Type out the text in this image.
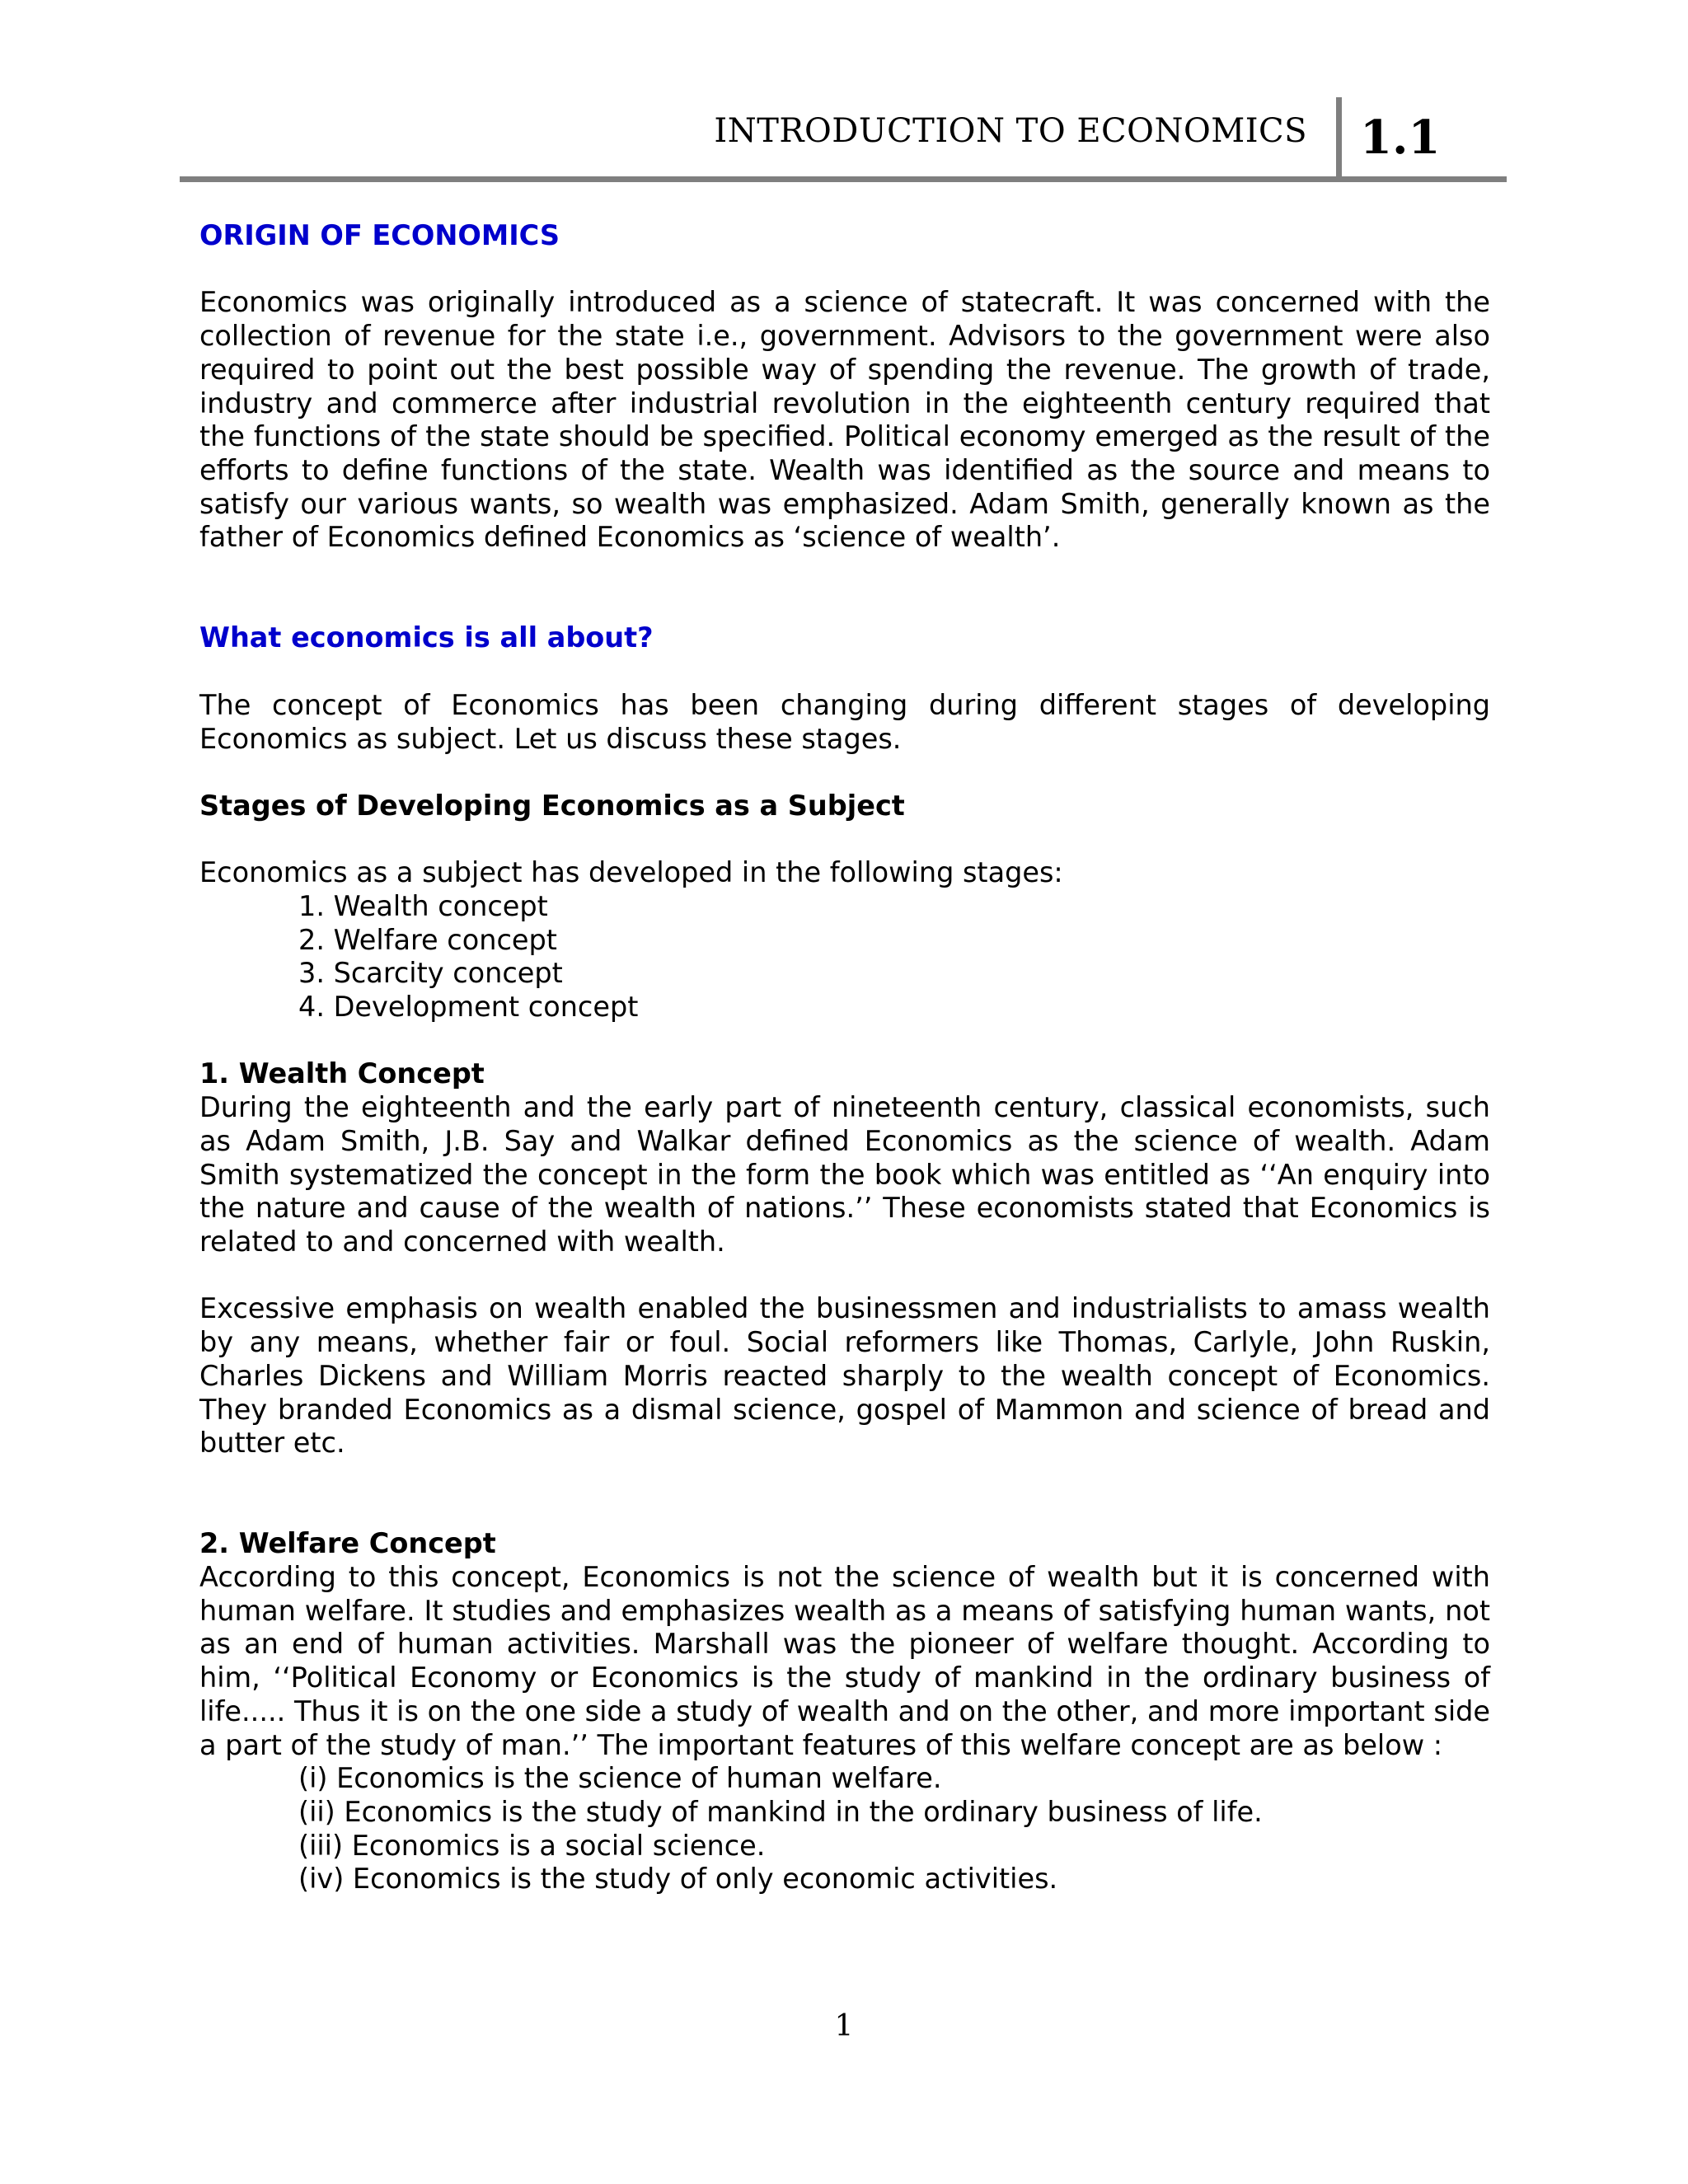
INTRODUCTION TO ECONOMICS 1.1
ORIGIN OF ECONOMICS

Economics was originally introduced as a science of statecraft. It was concerned with the collection of revenue for the state i.e., government. Advisors to the government were also required to point out the best possible way of spending the revenue. The growth of trade, industry and commerce after industrial revolution in the eighteenth century required that the functions of the state should be specified. Political economy emerged as the result of the efforts to define functions of the state. Wealth was identified as the source and means to satisfy our various wants, so wealth was emphasized. Adam Smith, generally known as the father of Economics defined Economics as ‘science of wealth’.

What economics is all about?

The concept of Economics has been changing during different stages of developing Economics as subject. Let us discuss these stages.

Stages of Developing Economics as a Subject

Economics as a subject has developed in the following stages:

1. Wealth concept
2. Welfare concept
3. Scarcity concept
4. Development concept
1. Wealth Concept

During the eighteenth and the early part of nineteenth century, classical economists, such as Adam Smith, J.B. Say and Walkar defined Economics as the science of wealth. Adam Smith systematized the concept in the form the book which was entitled as ‘‘An enquiry into the nature and cause of the wealth of nations.’’ These economists stated that Economics is related to and concerned with wealth.

Excessive emphasis on wealth enabled the businessmen and industrialists to amass wealth by any means, whether fair or foul. Social reformers like Thomas, Carlyle, John Ruskin, Charles Dickens and William Morris reacted sharply to the wealth concept of Economics. They branded Economics as a dismal science, gospel of Mammon and science of bread and butter etc.

2. Welfare Concept

According to this concept, Economics is not the science of wealth but it is concerned with human welfare. It studies and emphasizes wealth as a means of satisfying human wants, not as an end of human activities. Marshall was the pioneer of welfare thought. According to him, ‘‘Political Economy or Economics is the study of mankind in the ordinary business of life..... Thus it is on the one side a study of wealth and on the other, and more important side a part of the study of man.’’ The important features of this welfare concept are as below :

(i) Economics is the science of human welfare.
(ii) Economics is the study of mankind in the ordinary business of life.
(iii) Economics is a social science.
(iv) Economics is the study of only economic activities.
1
